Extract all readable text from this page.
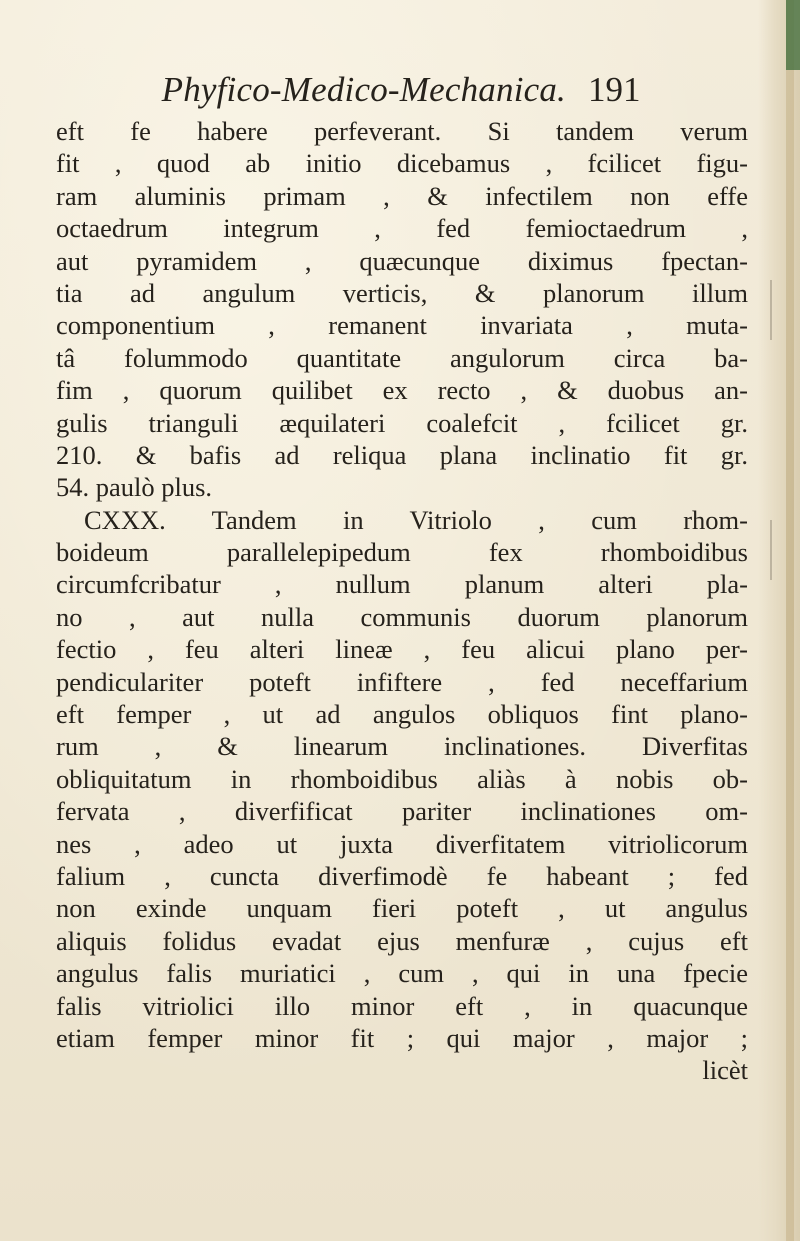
Phyfico-Medico-Mechanica. 191
eft fe habere perfeverant. Si tandem verum
fit , quod ab initio dicebamus , fcilicet figu-
ram aluminis primam , & infectilem non effe
octaedrum integrum , fed femioctaedrum ,
aut pyramidem , quæcunque diximus fpectan-
tia ad angulum verticis, & planorum illum
componentium , remanent invariata , muta-
tâ folummodo quantitate angulorum circa ba-
fim , quorum quilibet ex recto , & duobus an-
gulis trianguli æquilateri coalefcit , fcilicet gr.
210. & bafis ad reliqua plana inclinatio fit gr.
54. paulò plus.
CXXX. Tandem in Vitriolo , cum rhom-
boideum parallelepipedum fex rhomboidibus
circumfcribatur , nullum planum alteri pla-
no , aut nulla communis duorum planorum
fectio , feu alteri lineæ , feu alicui plano per-
pendiculariter poteft infiftere , fed neceffarium
eft femper , ut ad angulos obliquos fint plano-
rum , & linearum inclinationes. Diverfitas
obliquitatum in rhomboidibus aliàs à nobis ob-
fervata , diverfificat pariter inclinationes om-
nes , adeo ut juxta diverfitatem vitriolicorum
falium , cuncta diverfimodè fe habeant ; fed
non exinde unquam fieri poteft , ut angulus
aliquis folidus evadat ejus menfuræ , cujus eft
angulus falis muriatici , cum , qui in una fpecie
falis vitriolici illo minor eft , in quacunque
etiam femper minor fit ; qui major , major ;
licèt
